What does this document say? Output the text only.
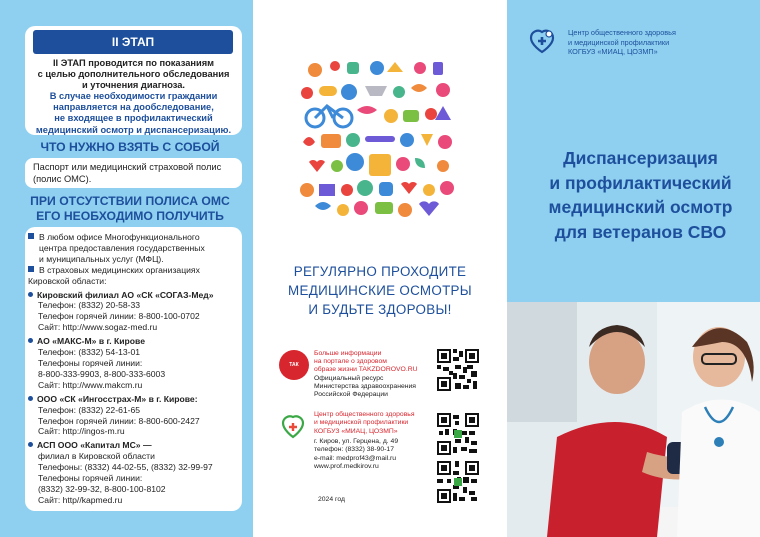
II ЭТАП
II ЭТАП проводится по показаниям
с целью дополнительного обследования
и уточнения диагноза.
В случае необходимости граждании
направляется на дообследование,
не входящее в профилактический
медицинский осмотр и диспансеризацию.
ЧТО НУЖНО ВЗЯТЬ С СОБОЙ
Паспорт или медицинский страховой полис
(полис ОМС).
ПРИ ОТСУТСТВИИ ПОЛИСА ОМС
ЕГО НЕОБХОДИМО ПОЛУЧИТЬ
В любом офисе Многофункционального
центра предоставления государственных
и муниципальных услуг (МФЦ).
В страховых медицинских организациях
Кировской области:
Кировский филиал АО «СК «СОГАЗ-Мед»
Телефон: (8332) 20-58-33
Телефон горячей линии: 8-800-100-0702
Сайт: http://www.sogaz-med.ru
АО «МАКС-М» в г. Кирове
Телефон: (8332) 54-13-01
Телефоны горячей линии:
8-800-333-9903, 8-800-333-6003
Сайт: http://www.makcm.ru
ООО «СК «Ингосстрах-М» в г. Кирове:
Телефон: (8332) 22-61-65
Телефон горячей линии: 8-800-600-2427
Сайт: http://ingos-m.ru
АСП ООО «Капитал МС» —
филиал в Кировской области
Телефоны: (8332) 44-02-55, (8332) 32-99-97
Телефоны горячей линии:
(8332) 32-99-32, 8-800-100-8102
Сайт: http//kapmed.ru
РЕГУЛЯРНО ПРОХОДИТЕ
МЕДИЦИНСКИЕ ОСМОТРЫ
И БУДЬТЕ ЗДОРОВЫ!
ТАК ЗДОРОВО
Больше информации
на портале о здоровом
образе жизни TAKZDOROVO.RU
Официальный ресурс
Министерства здравоохранения
Российской Федерации
Центр общественного здоровья
и медицинской профилактики
КОГБУЗ «МИАЦ, ЦОЗМП»
г. Киров, ул. Герцена, д. 49
телефон: (8332) 38-90-17
e-mail: medprof43@mail.ru
www.prof.medkirov.ru
2024 год
Центр общественного здоровья
и медицинской профилактики
КОГБУЗ «МИАЦ, ЦОЗМП»
Диспансеризация
и профилактический
медицинский осмотр
для ветеранов СВО
